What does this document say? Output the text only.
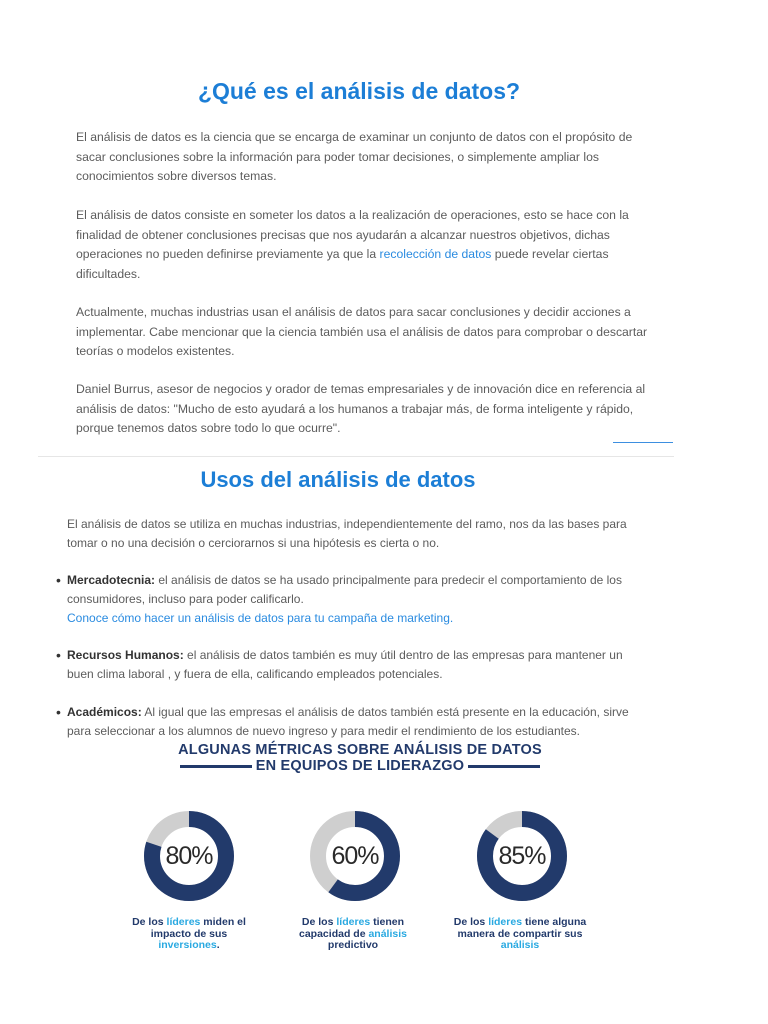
¿Qué es el análisis de datos?

El análisis de datos es la ciencia que se encarga de examinar un conjunto de datos con el propósito de sacar conclusiones sobre la información para poder tomar decisiones, o simplemente ampliar los conocimientos sobre diversos temas.

El análisis de datos consiste en someter los datos a la realización de operaciones, esto se hace con la finalidad de obtener conclusiones precisas que nos ayudarán a alcanzar nuestros objetivos, dichas operaciones no pueden definirse previamente ya que la recolección de datos puede revelar ciertas dificultades.

Actualmente, muchas industrias usan el análisis de datos para sacar conclusiones y decidir acciones a implementar. Cabe mencionar que la ciencia también usa el análisis de datos para comprobar o descartar teorías o modelos existentes.

Daniel Burrus, asesor de negocios y orador de temas empresariales y de innovación dice en referencia al análisis de datos: "Mucho de esto ayudará a los humanos a trabajar más, de forma inteligente y rápido, porque tenemos datos sobre todo lo que ocurre".

Usos del análisis de datos

El análisis de datos se utiliza en muchas industrias, independientemente del ramo, nos da las bases para tomar o no una decisión o cerciorarnos si una hipótesis es cierta o no.

• Mercadotecnia: el análisis de datos se ha usado principalmente para predecir el comportamiento de los consumidores, incluso para poder calificarlo.
Conoce cómo hacer un análisis de datos para tu campaña de marketing.

• Recursos Humanos: el análisis de datos también es muy útil dentro de las empresas para mantener un buen clima laboral , y fuera de ella, calificando empleados potenciales.

• Académicos: Al igual que las empresas el análisis de datos también está presente en la educación, sirve para seleccionar a los alumnos de nuevo ingreso y para medir el rendimiento de los estudiantes.

ALGUNAS MÉTRICAS SOBRE ANÁLISIS DE DATOS
EN EQUIPOS DE LIDERAZGO
80%	60%	85%
De los líderes miden el impacto de sus inversiones.
De los líderes tienen capacidad de análisis predictivo
De los líderes tiene alguna manera de compartir sus análisis
